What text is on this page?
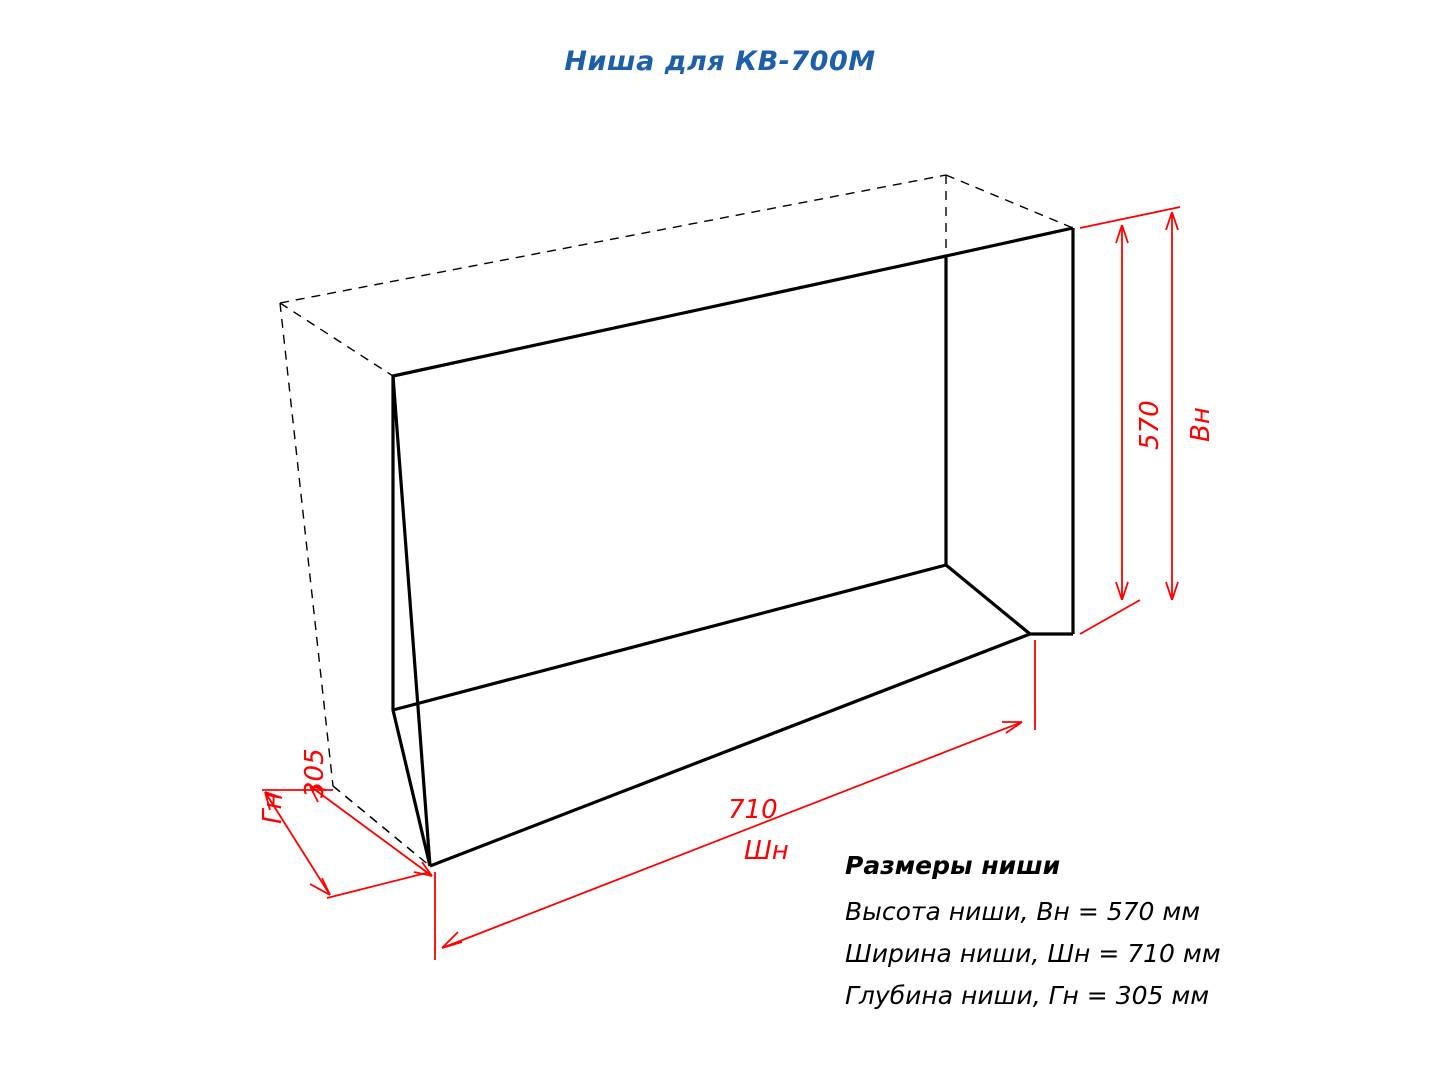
Ниша для КВ-700М
570 Вн
710
Шн
305
Гн
Размеры ниши
Высота ниши, Вн = 570 мм
Ширина ниши, Шн = 710 мм
Глубина ниши, Гн = 305 мм
